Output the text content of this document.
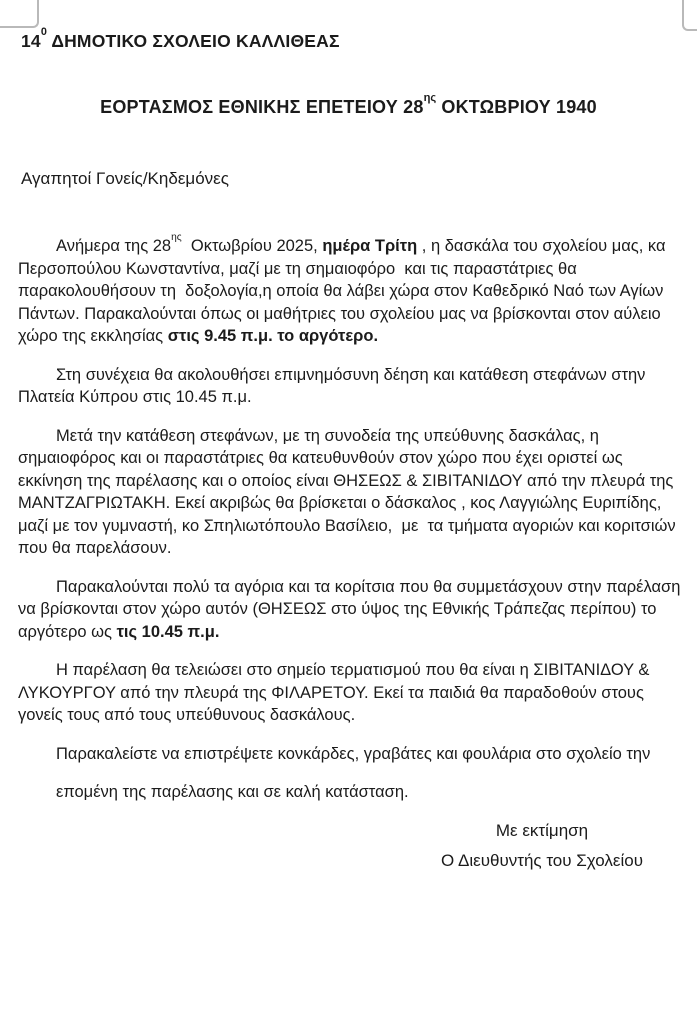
$14^0$ ΔΗΜΟΤΙΚΟ ΣΧΟΛΕΙΟ ΚΑΛΛΙΘΕΑΣ
ΕΟΡΤΑΣΜΟΣ ΕΘΝΙΚΗΣ ΕΠΕΤΕΙΟΥ $28^{\eta\varsigma}$ ΟΚΤΩΒΡΙΟΥ 1940
Αγαπητοί Γονείς/Κηδεμόνες

Ανήμερα της $28^{\eta\varsigma}$  Οκτωβρίου 2025, ημέρα Τρίτη , η δασκάλα του σχολείου μας, κα Περσοπούλου Κωνσταντίνα, μαζί με τη σημαιοφόρο  και τις παραστάτριες θα παρακολουθήσουν τη  δοξολογία,η οποία θα λάβει χώρα στον Καθεδρικό Ναό των Αγίων Πάντων. Παρακαλούνται όπως οι μαθήτριες του σχολείου μας να βρίσκονται στον αύλειο χώρο της εκκλησίας στις 9.45 π.μ. το αργότερο.

Στη συνέχεια θα ακολουθήσει επιμνημόσυνη δέηση και κατάθεση στεφάνων στην Πλατεία Κύπρου στις 10.45 π.μ.

Μετά την κατάθεση στεφάνων, με τη συνοδεία της υπεύθυνης δασκάλας, η σημαιοφόρος και οι παραστάτριες θα κατευθυνθούν στον χώρο που έχει οριστεί ως εκκίνηση της παρέλασης και ο οποίος είναι ΘΗΣΕΩΣ & ΣΙΒΙΤΑΝΙΔΟΥ από την πλευρά της ΜΑΝΤΖΑΓΡΙΩΤΑΚΗ. Εκεί ακριβώς θα βρίσκεται ο δάσκαλος , κος Λαγγιώλης Ευριπίδης, μαζί με τον γυμναστή, κο Σπηλιωτόπουλο Βασίλειο,  με  τα τμήματα αγοριών και κοριτσιών που θα παρελάσουν.

Παρακαλούνται πολύ τα αγόρια και τα κορίτσια που θα συμμετάσχουν στην παρέλαση να βρίσκονται στον χώρο αυτόν (ΘΗΣΕΩΣ στο ύψος της Εθνικής Τράπεζας περίπου) το αργότερο ως τις 10.45 π.μ.

Η παρέλαση θα τελειώσει στο σημείο τερματισμού που θα είναι η ΣΙΒΙΤΑΝΙΔΟΥ & ΛΥΚΟΥΡΓΟΥ από την πλευρά της ΦΙΛΑΡΕΤΟΥ. Εκεί τα παιδιά θα παραδοθούν στους γονείς τους από τους υπεύθυνους δασκάλους.

Παρακαλείστε να επιστρέψετε κονκάρδες, γραβάτες και φουλάρια στο σχολείο την

επομένη της παρέλασης και σε καλή κατάσταση.

Με εκτίμηση
Ο Διευθυντής του Σχολείου
